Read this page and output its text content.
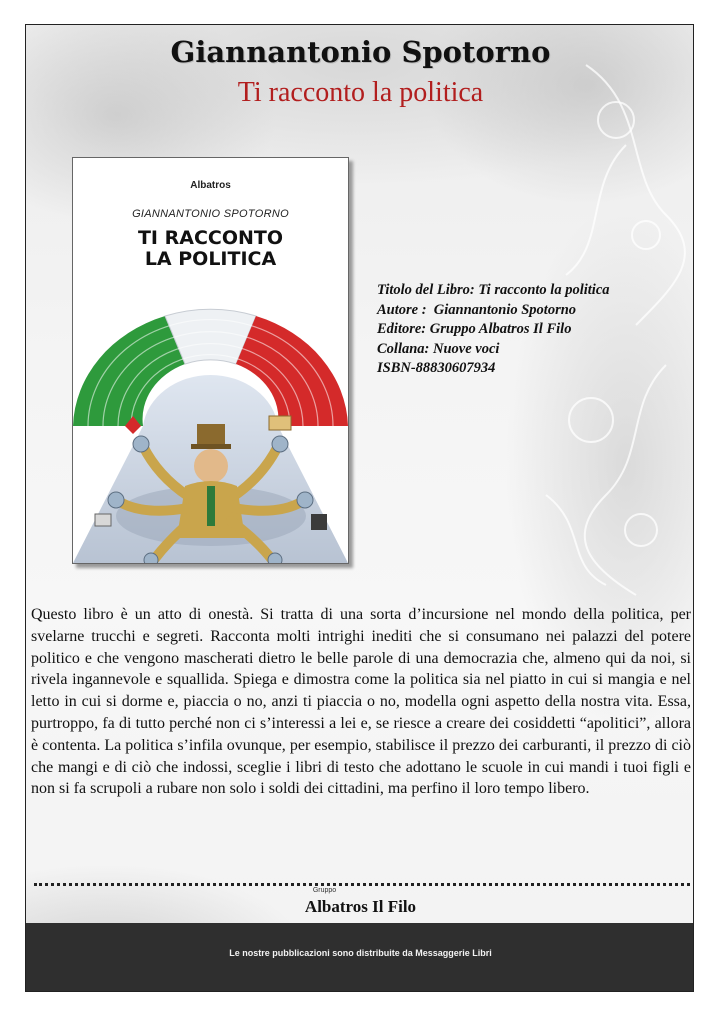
Giannantonio Spotorno
Ti racconto la politica
Albatros
GIANNANTONIO SPOTORNO
TI RACCONTO
LA POLITICA
Titolo del Libro: Ti racconto la politica
Autore :  Giannantonio Spotorno
Editore: Gruppo Albatros Il Filo
Collana: Nuove voci
ISBN-88830607934
Questo libro è un atto di onestà. Si tratta di una sorta d’incursione nel mondo della politica, per svelarne trucchi e segreti. Racconta molti intrighi inediti che si consumano nei palazzi del potere politico e che vengono mascherati dietro le belle parole di una democrazia che, almeno qui da noi, si rivela ingannevole e squallida. Spiega e dimostra come la politica sia nel piatto in cui si mangia e nel letto in cui si dorme e, piaccia o no, anzi ti piaccia o no, modella ogni aspetto della nostra vita. Essa, purtroppo, fa di tutto perché non ci s’interessi a lei e, se riesce a creare dei cosiddetti “apolitici”, allora è contenta. La politica s’infila ovunque, per esempio, stabilisce il prezzo dei carburanti, il prezzo di ciò che mangi e di ciò che indossi, sceglie i libri di testo che adottano le scuole in cui mandi i tuoi figli e non si fa scrupoli a rubare non solo i soldi dei cittadini, ma perfino il loro tempo libero.
Gruppo
Albatros Il Filo
Le nostre pubblicazioni sono distribuite da Messaggerie Libri
